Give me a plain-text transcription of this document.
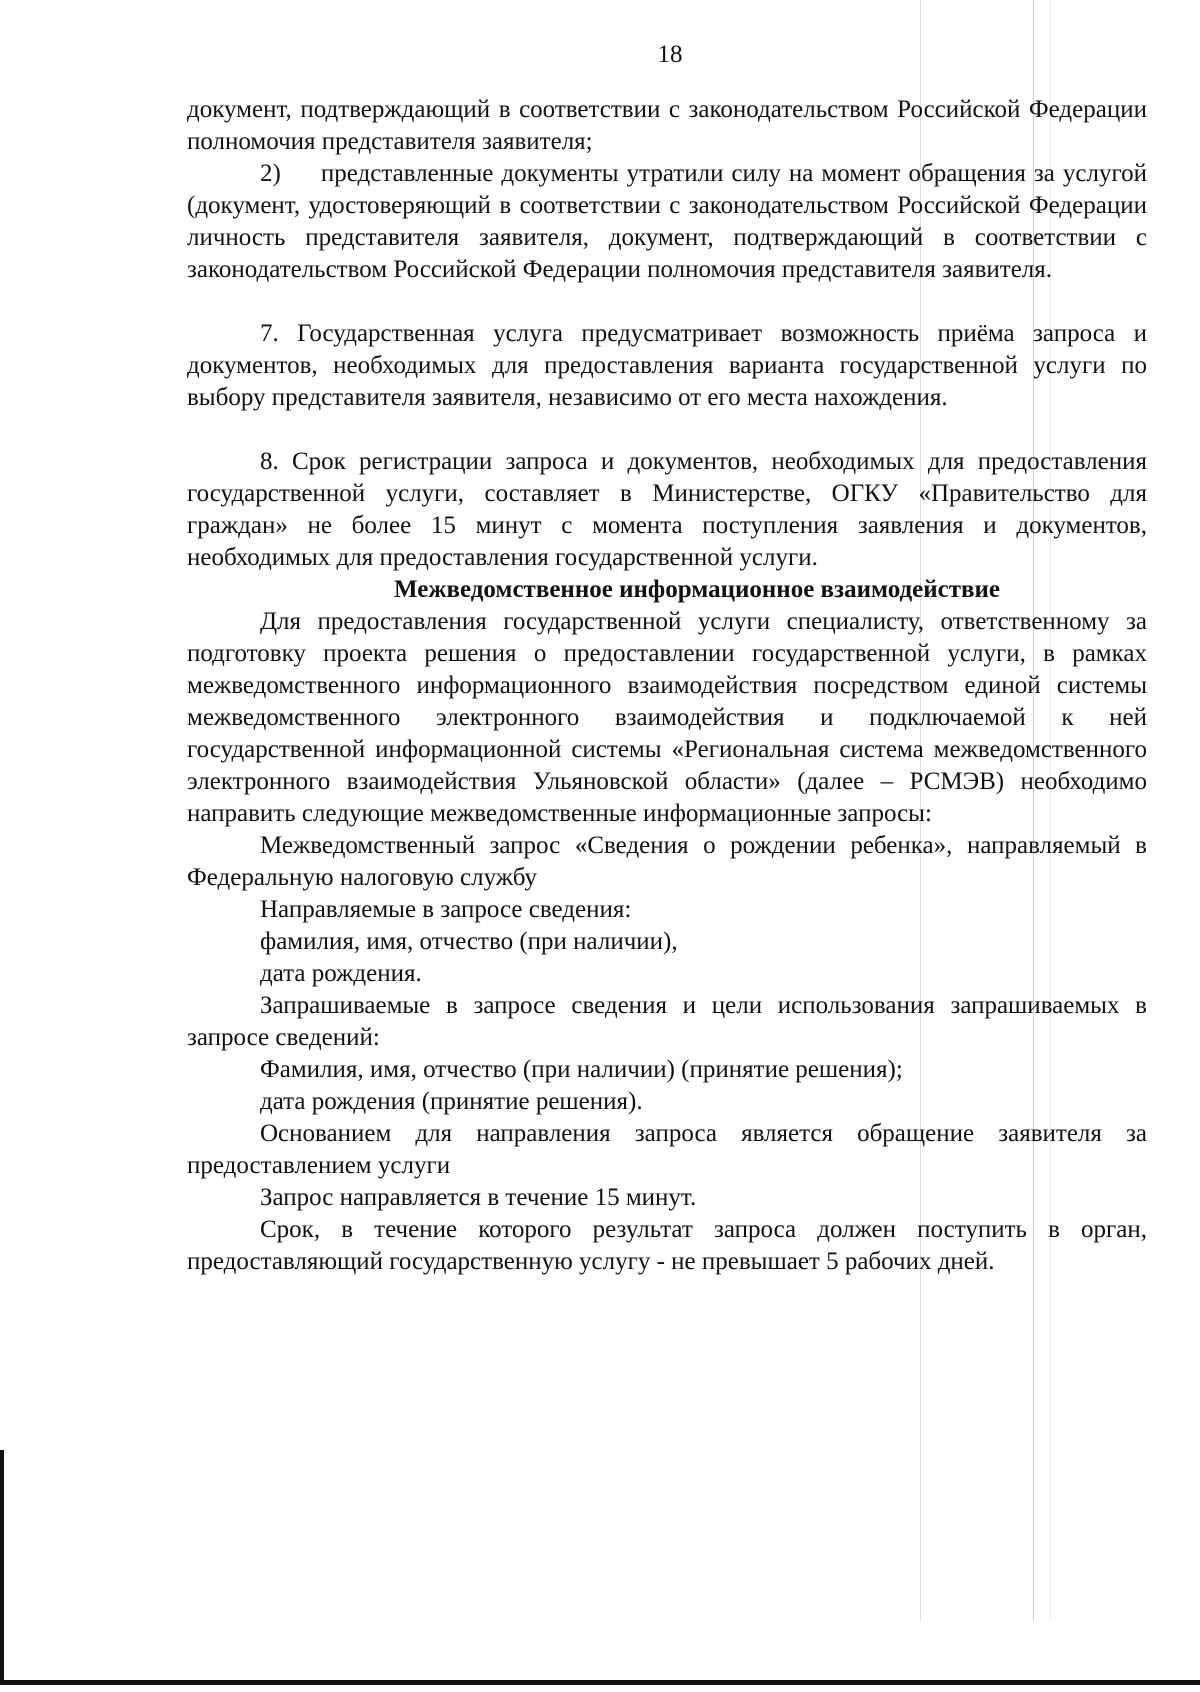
18

документ, подтверждающий в соответствии с законодательством Российской Федерации полномочия представителя заявителя;

2)     представленные документы утратили силу на момент обращения за услугой (документ, удостоверяющий в соответствии с законодательством Российской Федерации личность представителя заявителя, документ, подтверждающий в соответствии с законодательством Российской Федерации полномочия представителя заявителя.

7. Государственная услуга предусматривает возможность приёма запроса и документов, необходимых для предоставления варианта государственной услуги по выбору представителя заявителя, независимо от его места нахождения.

8. Срок регистрации запроса и документов, необходимых для предоставления государственной услуги, составляет в Министерстве, ОГКУ «Правительство для граждан» не более 15 минут с момента поступления заявления и документов, необходимых для предоставления государственной услуги.

Межведомственное информационное взаимодействие

Для предоставления государственной услуги специалисту, ответственному за подготовку проекта решения о предоставлении государственной услуги, в рамках межведомственного информационного взаимодействия посредством единой системы межведомственного электронного взаимодействия и подключаемой к ней государственной информационной системы «Региональная система межведомственного электронного взаимодействия Ульяновской области» (далее – РСМЭВ) необходимо направить следующие межведомственные информационные запросы:

Межведомственный запрос «Сведения о рождении ребенка», направляемый в Федеральную налоговую службу

Направляемые в запросе сведения:

фамилия, имя, отчество (при наличии),

дата рождения.

Запрашиваемые в запросе сведения и цели использования запрашиваемых в запросе сведений:

Фамилия, имя, отчество (при наличии) (принятие решения);

дата рождения (принятие решения).

Основанием для направления запроса является обращение заявителя за предоставлением услуги

Запрос направляется в течение 15 минут.

Срок, в течение которого результат запроса должен поступить в орган, предоставляющий государственную услугу - не превышает 5 рабочих дней.
